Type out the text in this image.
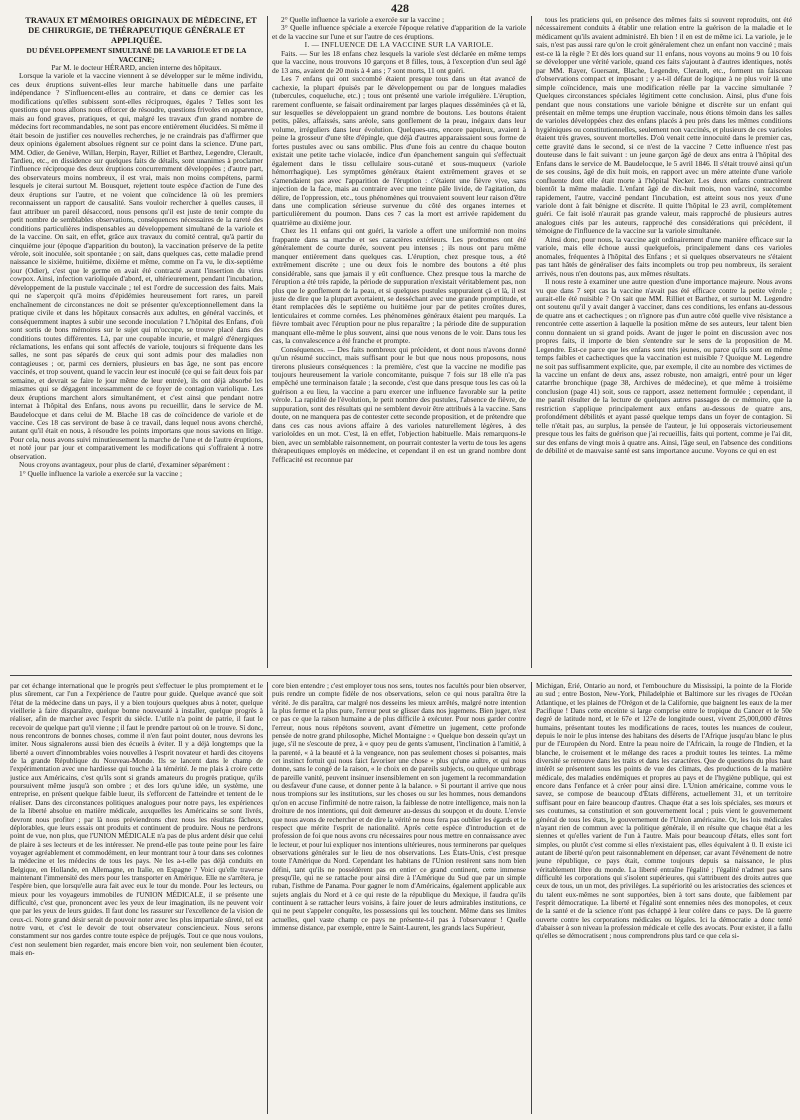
428

TRAVAUX ET MÉMOIRES ORIGINAUX DE MÉDECINE, ET DE CHIRURGIE, DE THÉRAPEUTIQUE GÉNÉRALE ET APPLIQUÉE.

DU DÉVELOPPEMENT SIMULTANÉ DE LA VARIOLE ET DE LA VACCINE;

Par M. le docteur HÉRARD, ancien interne des hôpitaux.

Lorsque la variole et la vaccine viennent à se développer sur le même individu, ces deux éruptions suivent-elles leur marche habituelle dans une parfaite indépendance ? S'influencent-elles au contraire, et dans ce dernier cas les modifications qu'elles subissent sont-elles réciproques, égales ? Telles sont les questions que nous allons nous efforcer de résoudre, questions frivoles en apparence, mais au fond graves, pratiques, et qui, malgré les travaux d'un grand nombre de médecins fort recommandables, ne sont pas encore entièrement élucidées. Si même il était besoin de justifier ces nouvelles recherches, je ne craindrais pas d'affirmer que deux opinions également absolues règnent sur ce point dans la science. D'une part, MM. Odier, de Genève, Willan, Herpin, Rayer, Rilliet et Barthez, Legendre, Clerault, Tardieu, etc., en dissidence sur quelques faits de détails, sont unanimes à proclamer l'influence réciproque des deux éruptions concurremment développées ; d'autre part, des observateurs moins nombreux, il est vrai, mais non moins compétens, parmi lesquels je citerai surtout M. Bousquet, rejettent toute espèce d'action de l'une des deux éruptions sur l'autre, et ne voient que coïncidence là où les premiers reconnaissent un rapport de causalité. Sans vouloir rechercher à quelles causes, il faut attribuer un pareil désaccord, nous pensons qu'il est juste de tenir compte du petit nombre de semblables observations, conséquences nécessaires de la rareté des conditions particulières indispensables au développement simultané de la variole et de la vaccine. On sait, en effet, grâce aux travaux du comité central, qu'à partir du cinquième jour (époque d'apparition du bouton), la vaccination préserve de la petite vérole, soit inoculée, soit spontanée ; on sait, dans quelques cas, cette maladie prend naissance le sixième, huitième, dixième et même, comme on l'a vu, le dix-septième jour (Odier), c'est que le germe en avait été contracté avant l'insertion du virus cowpox. Ainsi, infection varioliquée d'abord, et, ultérieurement, pendant l'incubation, développement de la pustule vaccinale ; tel est l'ordre de succession des faits. Mais qui ne s'aperçoit qu'à moins d'épidémies heureusement fort rares, un pareil enchaînement de circonstances ne doit se présenter qu'exceptionnellement dans la pratique civile et dans les hôpitaux consacrés aux adultes, en général vaccinés, et conséquemment inaptes à subir une seconde inoculation ? L'hôpital des Enfans, d'où sont sortis de bons mémoires sur le sujet qui m'occupe, se trouve placé dans des conditions toutes différentes. Là, par une coupable incurie, et malgré d'énergiques réclamations, les enfans qui sont affectés de variole, toujours si fréquente dans les salles, ne sont pas séparés de ceux qui sont admis pour des maladies non contagieuses ; or, parmi ces derniers, plusieurs en bas âge, ne sont pas encore vaccinés, et trop souvent, quand le vaccin leur est inoculé (ce qui se fait deux fois par semaine, et devrait se faire le jour même de leur entrée), ils ont déjà absorbé les miasmes qui se dégagent incessamment de ce foyer de contagion variolique. Les deux éruptions marchent alors simultanément, et c'est ainsi que pendant notre internat à l'hôpital des Enfans, nous avons pu recueillir, dans le service de M. Baudelocque et dans celui de M. Blache 18 cas de coïncidence de variole et de vaccine. Ces 18 cas serviront de base à ce travail, dans lequel nous avons cherché, autant qu'il était en nous, à résoudre les points importans que nous savions en litige. Pour cela, nous avons suivi minutieusement la marche de l'une et de l'autre éruptions, et noté jour par jour et comparativement les modifications qui s'offraient à notre observation.

Nous croyons avantageux, pour plus de clarté, d'examiner séparément :

1° Quelle influence la variole a exercée sur la vaccine ;

2° Quelle influence la variole a exercée sur la vaccine ;

3° Quelle influence spéciale a exercée l'époque relative d'apparition de la variole et de la vaccine sur l'une et sur l'autre de ces éruptions.

I. — INFLUENCE DE LA VACCINE SUR LA VARIOLE.

Faits. — Sur les 18 enfans chez lesquels la variole s'est déclarée en même temps que la vaccine, nous trouvons 10 garçons et 8 filles, tous, à l'exception d'un seul âgé de 13 ans, avaient de 20 mois à 4 ans ; 7 sont morts, 11 ont guéri.

Les 7 enfans qui ont succombé étaient presque tous dans un état avancé de cachexie, la plupart épuisés par le développement ou par de longues maladies (tubercules, coqueluche, etc.) ; tous ont présenté une variole irrégulière. L'éruption, rarement confluente, se faisait ordinairement par larges plaques disséminées çà et là, sur lesquelles se développaient un grand nombre de boutons. Les boutons étaient petits, pâles, affaissés, sans aréole, sans gonflement de la peau, inégaux dans leur volume, irréguliers dans leur évolution. Quelques-uns, encore papuleux, avaient à peine la grosseur d'une tête d'épingle, que déjà d'autres apparaissaient sous forme de fortes pustules avec ou sans ombilic. Plus d'une fois au centre du chaque bouton existait une petite tache violacée, indice d'un épanchement sanguin qui s'effectuait également dans le tissu cellulaire sous-cutané et sous-muqueux (variole hémorrhagique). Les symptômes généraux étaient extrêmement graves et se s'amendaient pas avec l'apparition de l'éruption : c'étaient une fièvre vive, sans injection de la face, mais au contraire avec une teinte pâle livide, de l'agitation, du délire, de l'oppression, etc., tous phénomènes qui trouvaient souvent leur raison d'être dans une complication sérieuse survenue du côté des organes internes et particulièrement du poumon. Dans ces 7 cas la mort est arrivée rapidement du quatrième au dixième jour.

Chez les 11 enfans qui ont guéri, la variole a offert une uniformité non moins frappante dans sa marche et ses caractères extérieurs. Les prodromes ont été généralement de courte durée, souvent peu intenses ; ils nous ont paru même manquer entièrement dans quelques cas. L'éruption, chez presque tous, a été extrêmement discrète ; une ou deux fois le nombre des boutons a été plus considérable, sans que jamais il y eût confluence. Chez presque tous la marche de l'éruption a été très rapide, la période de suppuration n'existait véritablement pas, non plus que le gonflement de la peau, et si quelques pustules suppuraient çà et là, il est juste de dire que la plupart avortaient, se desséchant avec une grande promptitude, et étant remplacées dès le septième ou huitième jour par de petites croûtes dures, lenticulaires et comme cornées. Les phénomènes généraux étaient peu marqués. La fièvre tombait avec l'éruption pour ne plus reparaître ; la période dite de suppuration manquant elle-même le plus souvent, ainsi que nous venons de le voir. Dans tous les cas, la convalescence a été franche et prompte.

Conséquences. — Des faits nombreux qui précèdent, et dont nous n'avons donné qu'un résumé succinct, mais suffisant pour le but que nous nous proposons, nous tirerons plusieurs conséquences : la première, c'est que la vaccine ne modifie pas toujours heureusement la variole concomitante, puisque 7 fois sur 18 elle n'a pas empêché une terminaison fatale ; la seconde, c'est que dans presque tous les cas où la guérison a eu lieu, la vaccine a paru exercer une influence favorable sur la petite vérole. La rapidité de l'évolution, le petit nombre des pustules, l'absence de fièvre, de suppuration, sont des résultats qui ne semblent devoir être attribués à la vaccine. Sans doute, on ne manquera pas de contester cette seconde proposition, et de prétendre que dans ces cas nous avions affaire à des varioles naturellement légères, à des varioloïdes en un mot. C'est, là en effet, l'objection habituelle. Mais remarquons-le bien, avec un semblable raisonnement, on pourrait contester la vertu de tous les agens thérapeutiques employés en médecine, et cependant il en est un grand nombre dont l'efficacité est reconnue par

tous les praticiens qui, en présence des mêmes faits si souvent reproduits, ont été nécessairement conduits à établir une relation entre la guérison de la maladie et le médicament qu'ils avaient administré. Eh bien ! il en est de même ici. La variole, je le sais, n'est pas aussi rare qu'on le croit généralement chez un enfant non vacciné ; mais est-ce là la règle ? Et dès lors quand sur 11 enfans, nous voyons au moins 9 ou 10 fois se développer une vérité variole, quand ces faits s'ajoutant à d'autres identiques, notés par MM. Rayer, Guersant, Blache, Legendre, Clerault, etc., forment un faisceau d'observations compact et imposant ; y a-t-il défaut de logique à ne plus voir là une simple coïncidence, mais une modification réelle par la vaccine simultanée ? Quelques circonstances spéciales légitiment cette conclusion. Ainsi, plus d'une fois pendant que nous constations une variole bénigne et discrète sur un enfant qui présentait en même temps une éruption vaccinale, nous étions témoin dans les salles de varioles développées chez des enfans placés à peu près dans les mêmes conditions hygiéniques ou constitutionnelles, seulement non vaccinés, et plusieurs de ces varioles étaient très graves, souvent mortelles. D'où venait cette innocuité dans le premier cas, cette gravité dans le second, si ce n'est de la vaccine ? Cette influence n'est pas douteuse dans le fait suivant : un jeune garçon âgé de deux ans entra à l'hôpital des Enfans dans le service de M. Baudelocque, le 5 avril 1846. Il s'était trouvé ainsi qu'un de ses cousins, âgé de dix huit mois, en rapport avec un mère atteinte d'une variole confluente dont elle était morte à l'hôpital Necker. Les deux enfans contractèrent bientôt la même maladie. L'enfant âgé de dix-huit mois, non vacciné, succombe rapidement, l'autre, vacciné pendant l'incubation, est atteint sous nos yeux d'une variole dont à fait bénigne et discrète. Il quitte l'hôpital le 23 avril, complètement guéri. Ce fait isolé n'aurait pas grande valeur, mais rapproché de plusieurs autres analogues cités par les auteurs, rapproché des considérations qui précèdent, il témoigne de l'influence de la vaccine sur la variole simultanée.

Ainsi donc, pour nous, la vaccine agit ordinairement d'une manière efficace sur la variole, mais elle échoue aussi quelquefois, principalement dans ces varioles anomales, fréquentes à l'hôpital des Enfans ; et si quelques observateurs ne s'étaient pas tant hâtés de généraliser des faits incomplets ou trop peu nombreux, ils seraient arrivés, nous n'en doutons pas, aux mêmes résultats.

Il nous reste à examiner une autre question d'une importance majeure. Nous avons vu que dans 7 sept cas la vaccine n'avait pas été efficace contre la petite vérole ; aurait-elle été nuisible ? On sait que MM. Rilliet et Barthez, et surtout M. Legendre ont soutenu qu'il y avait danger à vacciner, dans ces conditions, les enfans au-dessous de quatre ans et cachectiques ; on n'ignore pas d'un autre côté quelle vive résistance a rencontrée cette assertion à laquelle la position même de ses auteurs, leur talent bien connu donnaient un si grand poids. Avant de juger le point en discussion avec nos propres faits, il importe de bien s'entendre sur le sens de la proposition de M. Legendre. Est-ce parce que les enfans sont très jeunes, ou parce qu'ils sont en même temps faibles et cachectiques que la vaccination est nuisible ? Quoique M. Legendre ne soit pas suffisamment explicite, que, par exemple, il cite au nombre des victimes de la vaccine un enfant de deux ans, assez robuste, non amaigri, entré pour un léger catarrhe bronchique (page 38, Archives de médecine), et que même à troisième conclusion (page 41) soit, sous ce rapport, assez nettement formulée ; cependant, il me paraît résulter de la lecture de quelques autres passages de ce mémoire, que la restriction s'applique principalement aux enfans au-dessous de quatre ans, profondément débilités et ayant passé quelque temps dans un foyer de contagion. Si telle n'était pas, au surplus, la pensée de l'auteur, je lui opposerais victorieusement presque tous les faits de guérison que j'ai recueillis, faits qui portent, comme je l'ai dit, sur des enfans de vingt mois à quatre ans. Ainsi, l'âge seul, en l'absence des conditions de débilité et de mauvaise santé est sans importance aucune. Voyons ce qui en est

par cet échange international que le progrès peut s'effectuer le plus promptement et le plus sûrement, car l'un a l'expérience de l'autre pour guide. Quelque avancé que soit l'état de la médecine dans un pays, il y a bien toujours quelques abus à noter, quelque vieillerie à faire disparaître, quelque bonne nouveauté à installer, quelque progrès à réaliser, afin de marcher avec l'esprit du siècle. L'utile n'a point de patrie, il faut le recevoir de quelque part qu'il vienne ; il faut le prendre partout où on le trouve. Si donc, nous rencontrons de bonnes choses, comme il n'en faut point douter, nous devrons les imiter. Nous signalerons aussi bien des écueils à éviter. Il y a déjà longtemps que la liberté a ouvert d'innombrables voies nouvelles à l'esprit novateur et hardi des citoyens de la grande République du Nouveau-Monde. Ils se lancent dans le champ de l'expérimentation avec une hardiesse qui touche à la témérité. Je me plais à croire cette justice aux Américains, c'est qu'ils sont si grands amateurs du progrès pratique, qu'ils poursuivent même jusqu'à son ombre ; et des lors qu'une idée, un système, une entreprise, en présent quelque faible lueur, ils s'efforcent de l'atteindre et tentent de le réaliser. Dans des circonstances politiques analogues pour notre pays, les expériences de la liberté absolue en matière médicale, auxquelles les Américains se sont livrés, devront nous profiter ; par là nous préviendrons chez nous les résultats fâcheux, déplorables, que leurs essais ont produits et continuent de produire. Nous ne perdrons point de vue, non plus, que l'UNION MÉDICALE n'a pas de plus ardent désir que celui de plaire à ses lecteurs et de les intéresser. Ne prend-elle pas toute peine pour les faire voyager agréablement et commodément, en leur montrant tour à tour dans ses colonnes la médecine et les médecins de tous les pays. Ne les a-t-elle pas déjà conduits en Belgique, en Hollande, en Allemagne, en Italie, en Espagne ? Voici qu'elle traverse maintenant l'immensité des mers pour les transporter en Amérique. Elle ne s'arrêtera, je l'espère bien, que lorsqu'elle aura fait avec eux le tour du monde. Pour les lecteurs, ou mieux pour les voyageurs immobiles de l'UNION MÉDICALE, il se présente une difficulté, c'est que, prononcent avec les yeux de leur imagination, ils ne peuvent voir que par les yeux de leurs guides. Il faut donc les rassurer sur l'excellence de la vision de ceux-ci. Notre grand désir serait de pouvoir noter avec les plus impartiale sûreté, tel est notre vœu, et c'est le devoir de tout observateur consciencieux. Nous serons constamment sur nos gardes contre toute espèce de préjugés. Tout ce que nous voulons, c'est non seulement bien regarder, mais encore bien voir, non seulement bien écouter, mais en-

core bien entendre ; c'est employer tous nos sens, toutes nos facultés pour bien observer, puis rendre un compte fidèle de nos observations, selon ce qui nous paraîtra être la vérité. Je dis paraîtra, car malgré nos desseins les mieux arrêtés, malgré notre intention la plus ferme et la plus pure, l'erreur peut se glisser dans nos jugemens. Bien juger, n'est ce pas ce que la raison humaine a de plus difficile à exécuter. Pour nous garder contre l'erreur, nous nous répétons souvent, avant d'émettre un jugement, cette profonde pensée de notre grand philosophe, Michel Montaigne : « Quelque bon dessein qu'ayt un juge, s'il ne s'escoute de prez, à « quoy peu de gents s'amusent, l'inclination à l'amitié, à la parenté, « à la beauté et à la vengeance, non pas seulement choses si poisantes, mais cet instinct fortuit qui nous faict favoriser une chose « plus qu'une aultre, et qui nous donne, sans le congé de la raison, « le choix en de pareils subjects, ou quelque umbrage de pareille vanité, peuvent insinuer insensiblement en son jugement la recommandation ou desfaveur d'une cause, et donner pente à la balance. » Si pourtant il arrive que nous nous trompions sur les institutions, sur les choses ou sur les hommes, nous demandons qu'on en accuse l'infirmité de notre raison, la faiblesse de notre intelligence, mais non la droiture de nos intentions, qui doit demeurer au-dessus du soupçon et du doute. L'envie que nous avons de rechercher et de dire la vérité ne nous fera pas oublier les égards et le respect que mérite l'esprit de nationalité. Après cette espèce d'introduction et de profession de foi que nous avons cru nécessaires pour nous mettre en connaissance avec le lecteur, et pour lui expliquer nos intentions ultérieures, nous terminerons par quelques observations générales sur le lieu de nos observations. Les États-Unis, c'est presque toute l'Amérique du Nord. Cependant les habitans de l'Union restèrent sans nom bien défini, tant qu'ils ne possédèrent pas en entier ce grand continent, cette immense presqu'île, qui ne se rattache pour ainsi dire à l'Amérique du Sud que par un simple ruban, l'isthme de Panama. Pour gagner le nom d'Américains, également applicable aux sujets anglais du Nord et à ce qui reste de la république du Mexique, il faudra qu'ils continuent à se rattacher leurs voisins, à faire jouer de leurs admirables institutions, ce qui ne peut s'appeler conquête, les possessions qui les touchent. Même dans ses limites actuelles, quel vaste champ ce pays ne présente-t-il pas à l'observateur ! Quelle immense distance, par exemple, entre le Saint-Laurent, les grands lacs Supérieur,

Michigan, Érié, Ontario au nord, et l'embouchure du Mississipi, la pointe de la Floride au sud ; entre Boston, New-York, Philadelphie et Baltimore sur les rivages de l'Océan Atlantique, et les plaines de l'Orégon et de la Californie, que baignent les eaux de la mer Pacifique ! Dans cette enceinte si large comprise entre le tropique du Cancer et le 50e degré de latitude nord, et le 67e et 127e de longitude ouest, vivent 25,000,000 d'êtres humains, présentant toutes les modifications de races, toutes les nuances de couleur, depuis le noir le plus intense des habitans des déserts de l'Afrique jusqu'au blanc le plus pur de l'Européen du Nord. Entre la peau noire de l'Africain, la rouge de l'Indien, et la blanche, le croisement et le mélange des races a produit toutes les teintes. La même diversité se retrouve dans les traits et dans les caractères. Que de questions du plus haut intérêt se présentent sous les points de vue des climats, des productions de la matière médicale, des maladies endémiques et propres au pays et de l'hygiène publique, qui est encore dans l'enfance et à créer pour ainsi dire. L'Union américaine, comme vous le savez, se compose de beaucoup d'États différens, actuellement 31, et un territoire suffisant pour en faire beaucoup d'autres. Chaque état a ses lois spéciales, ses mœurs et ses coutumes, sa constitution et son gouvernement local ; puis vient le gouvernement général de tous les états, le gouvernement de l'Union américaine. Or, les lois médicales n'ayant rien de commun avec la politique générale, il en résulte que chaque état a les siennes et qu'elles varient de l'un à l'autre. Mais pour beaucoup d'états, elles sont fort simples, ou plutôt c'est comme si elles n'existaient pas, elles équivalent à 0. Il existe ici autant de liberté qu'on peut raisonnablement en dépenser, car avant l'événement de notre jeune république, ce pays était, comme toujours depuis sa naissance, le plus véritablement libre du monde. La liberté entraîne l'égalité ; l'égalité n'admet pas sans difficulté les corporations qui s'isolent supérieures, qui s'attribuent des droits autres que ceux de tous, un un mot, des privilèges. La supériorité ou les aristocraties des sciences et du talent eux-mêmes ne sont supportées, bien à tort sans doute, que faiblement par l'esprit démocratique. La liberté et l'égalité sont ennemies nées des monopoles, et ceux de la santé et de la science n'ont pas échappé à leur colère dans ce pays. De là guerre ouverte contre les corporations médicales ou légales. Ici la démocratie a donc tenté d'abaisser à son niveau la profession médicale et celle des avocats. Pour exister, il a fallu qu'elles se démocratisent ; nous comprendrons plus tard ce que cela si-
